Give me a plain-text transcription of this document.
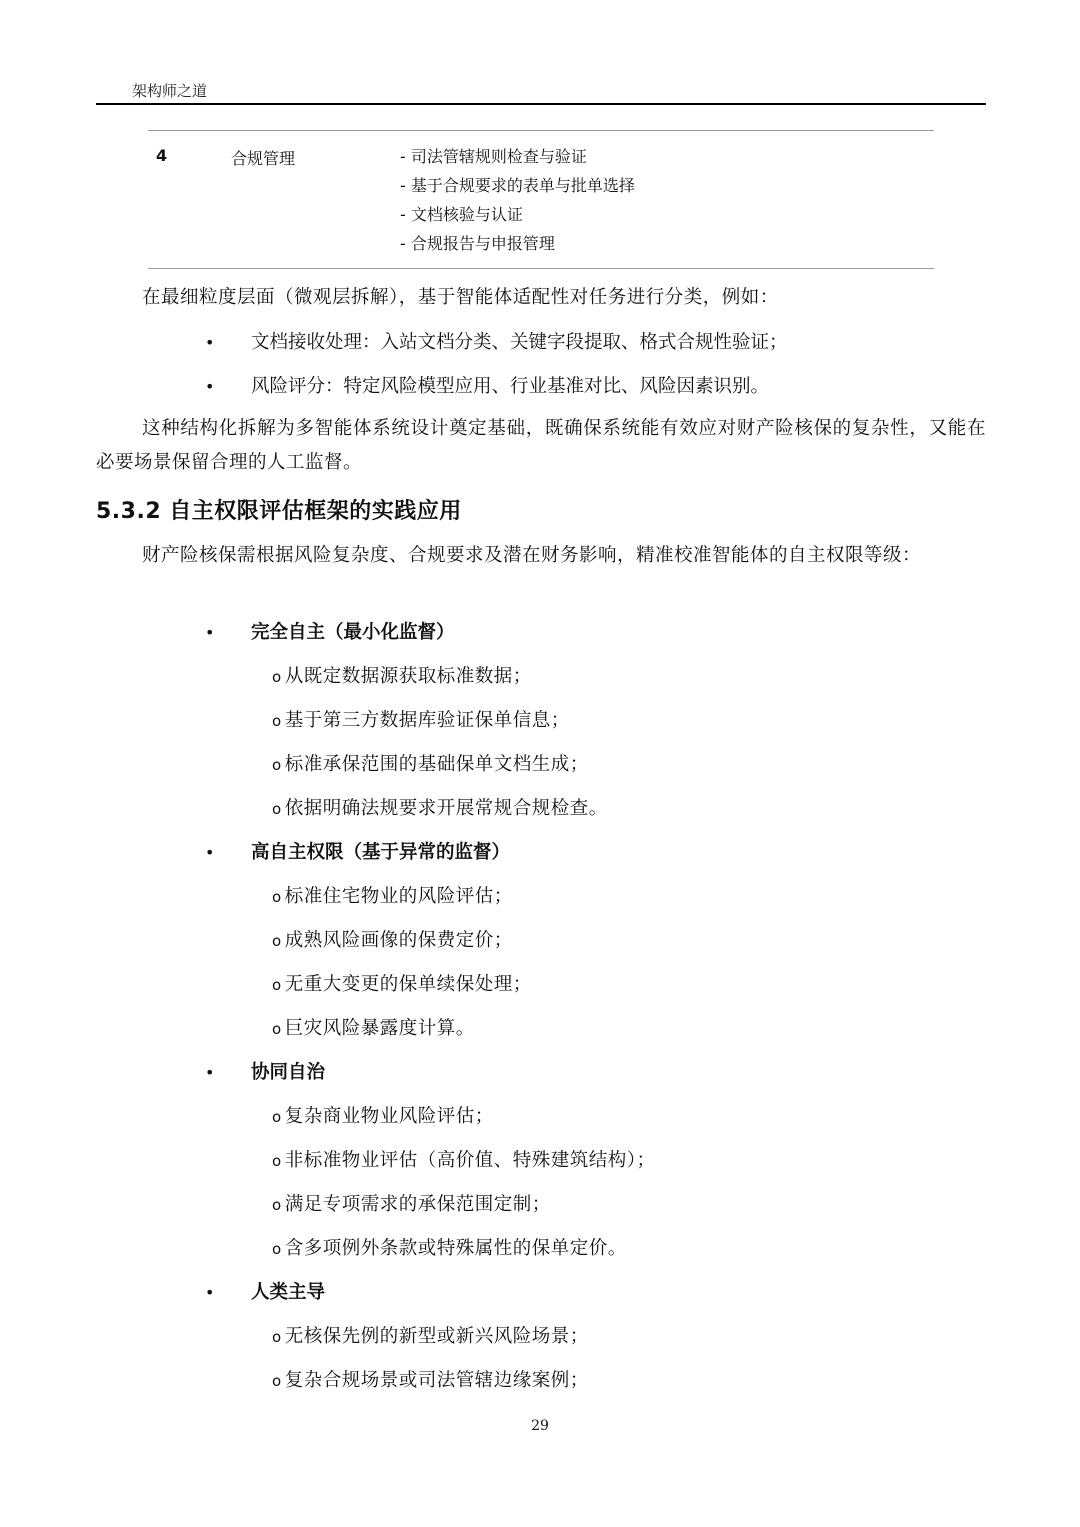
架构师之道
4	合规管理	- 司法管辖规则检查与验证
- 基于合规要求的表单与批单选择
- 文档核验与认证
- 合规报告与申报管理
在最细粒度层面（微观层拆解），基于智能体适配性对任务进行分类，例如：
• 文档接收处理：入站文档分类、关键字段提取、格式合规性验证；
• 风险评分：特定风险模型应用、行业基准对比、风险因素识别。
这种结构化拆解为多智能体系统设计奠定基础，既确保系统能有效应对财产险核保的复杂性，又能在必要场景保留合理的人工监督。
5.3.2 自主权限评估框架的实践应用
财产险核保需根据风险复杂度、合规要求及潜在财务影响，精准校准智能体的自主权限等级：
• 完全自主（最小化监督）
o 从既定数据源获取标准数据；
o 基于第三方数据库验证保单信息；
o 标准承保范围的基础保单文档生成；
o 依据明确法规要求开展常规合规检查。
• 高自主权限（基于异常的监督）
o 标准住宅物业的风险评估；
o 成熟风险画像的保费定价；
o 无重大变更的保单续保处理；
o 巨灾风险暴露度计算。
• 协同自治
o 复杂商业物业风险评估；
o 非标准物业评估（高价值、特殊建筑结构）；
o 满足专项需求的承保范围定制；
o 含多项例外条款或特殊属性的保单定价。
• 人类主导
o 无核保先例的新型或新兴风险场景；
o 复杂合规场景或司法管辖边缘案例；
29
